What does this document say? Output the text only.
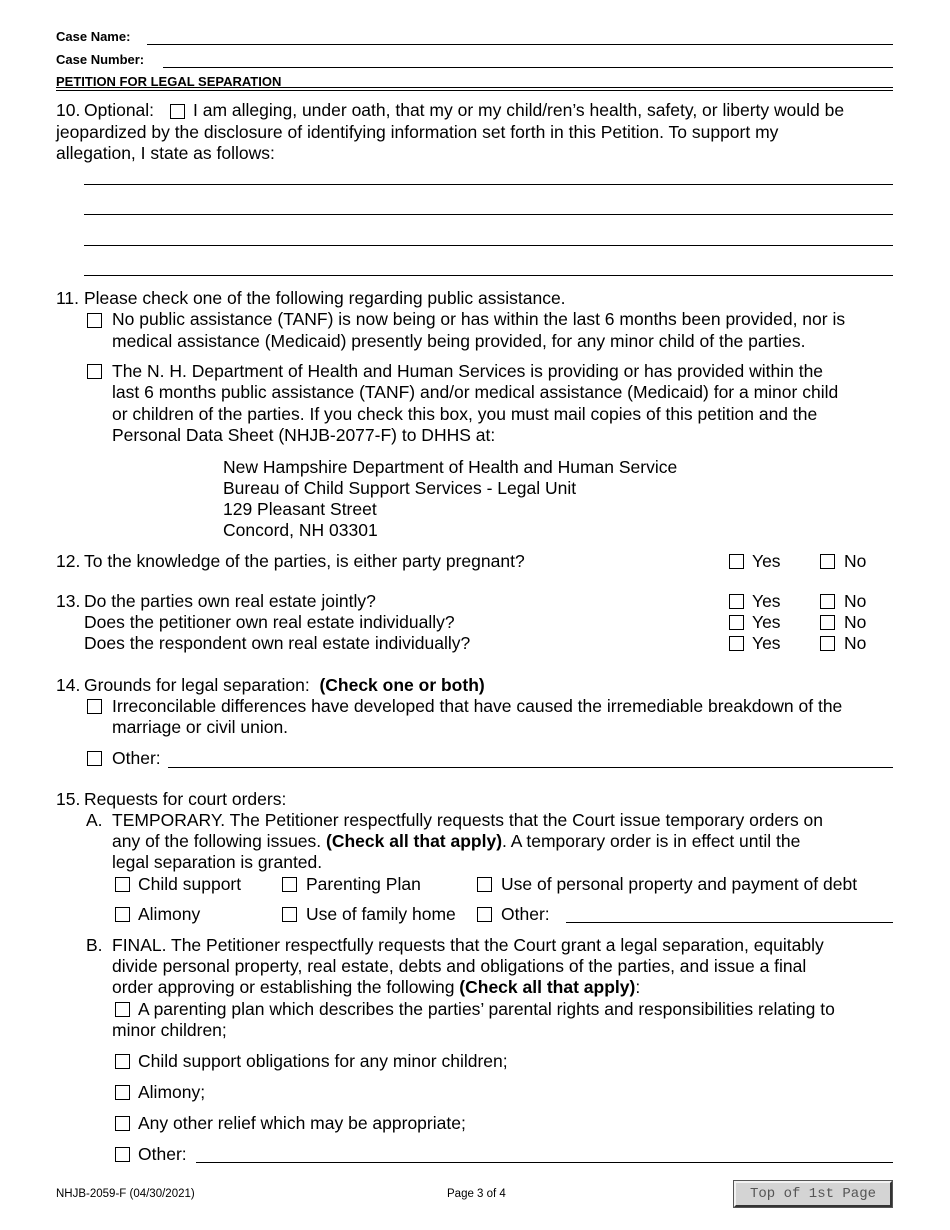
Case Name:
Case Number:
PETITION FOR LEGAL SEPARATION
10. Optional: I am alleging, under oath, that my or my child/ren’s health, safety, or liberty would be
jeopardized by the disclosure of identifying information set forth in this Petition. To support my
allegation, I state as follows:
11. Please check one of the following regarding public assistance.
No public assistance (TANF) is now being or has within the last 6 months been provided, nor is
medical assistance (Medicaid) presently being provided, for any minor child of the parties.
The N. H. Department of Health and Human Services is providing or has provided within the
last 6 months public assistance (TANF) and/or medical assistance (Medicaid) for a minor child
or children of the parties. If you check this box, you must mail copies of this petition and the
Personal Data Sheet (NHJB-2077-F) to DHHS at:
New Hampshire Department of Health and Human Service
Bureau of Child Support Services - Legal Unit
129 Pleasant Street
Concord, NH 03301
12. To the knowledge of the parties, is either party pregnant?	Yes	No
13. Do the parties own real estate jointly?	Yes	No
Does the petitioner own real estate individually?	Yes	No
Does the respondent own real estate individually?	Yes	No
14. Grounds for legal separation: (Check one or both)
Irreconcilable differences have developed that have caused the irremediable breakdown of the
marriage or civil union.
Other:
15. Requests for court orders:
A. TEMPORARY. The Petitioner respectfully requests that the Court issue temporary orders on
any of the following issues. (Check all that apply). A temporary order is in effect until the
legal separation is granted.
Child support	Parenting Plan	Use of personal property and payment of debt
Alimony	Use of family home	Other:
B. FINAL. The Petitioner respectfully requests that the Court grant a legal separation, equitably
divide personal property, real estate, debts and obligations of the parties, and issue a final
order approving or establishing the following (Check all that apply):
A parenting plan which describes the parties’ parental rights and responsibilities relating to
minor children;
Child support obligations for any minor children;
Alimony;
Any other relief which may be appropriate;
Other:
NHJB-2059-F (04/30/2021)	Page 3 of 4	Top of 1st Page
